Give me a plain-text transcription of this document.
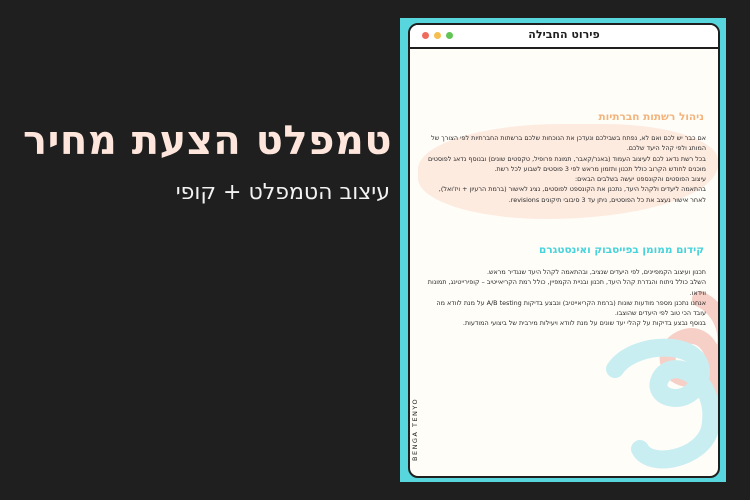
טמפלט הצעת מחיר
עיצוב הטמפלט + קופי
פירוט החבילה
ניהול רשתות חברתיות

אם כבר יש לכם ואם לא, נפתח בשבילכם ונעדכן את הנוכחות שלכם ברשתות החברתיות לפי הצורך של המותג ולפי קהל היעד שלכם.

בכל רשת נדאג לכם לעיצוב העמוד (באנר/קאבר, תמונת פרופיל, טקסטים שונים) ובנוסף נדאג לפוסטים מוכנים לחודש הקרוב כולל תכנון ותזמון מראש לפי 3 פוסטים לשבוע לכל רשת.

עיצוב הפוסטים והקונספט יעשה בשלבים הבאים:

בהתאמה ליעדים ולקהל היעד, נתכנן את הקונספט לפוסטים, נציג לאישור (ברמת הרעיון + ויז'ואל), לאחר אישור נעצב את כל הפוסטים, ניתן עד 3 סיבובי תיקונים revisions.

קידום ממומן בפייסבוק ואינסטגרם

תכנון ועיצוב הקמפיינים, לפי היעדים שנציב, ובהתאמה לקהל היעד שנגדיר מראש.

השלב כולל ניתוח והגדרת קהל היעד, תכנון ובניית הקמפיין, כולל רמת הקריאייטיב – קופירייטינג, תמונות ווידאו.

אנחנו נתכנן מספר מודעות שונות (ברמת הקריאייטיב) ונבצע בדיקות A/B testing על מנת לוודא מה עובד הכי טוב לפי היעדים שהוצבו.

בנוסף נבצע בדיקות על קהלי יעד שונים על מנת לוודא ויעילות מירבית של ביצועי המודעות.

BENGA TENYO
